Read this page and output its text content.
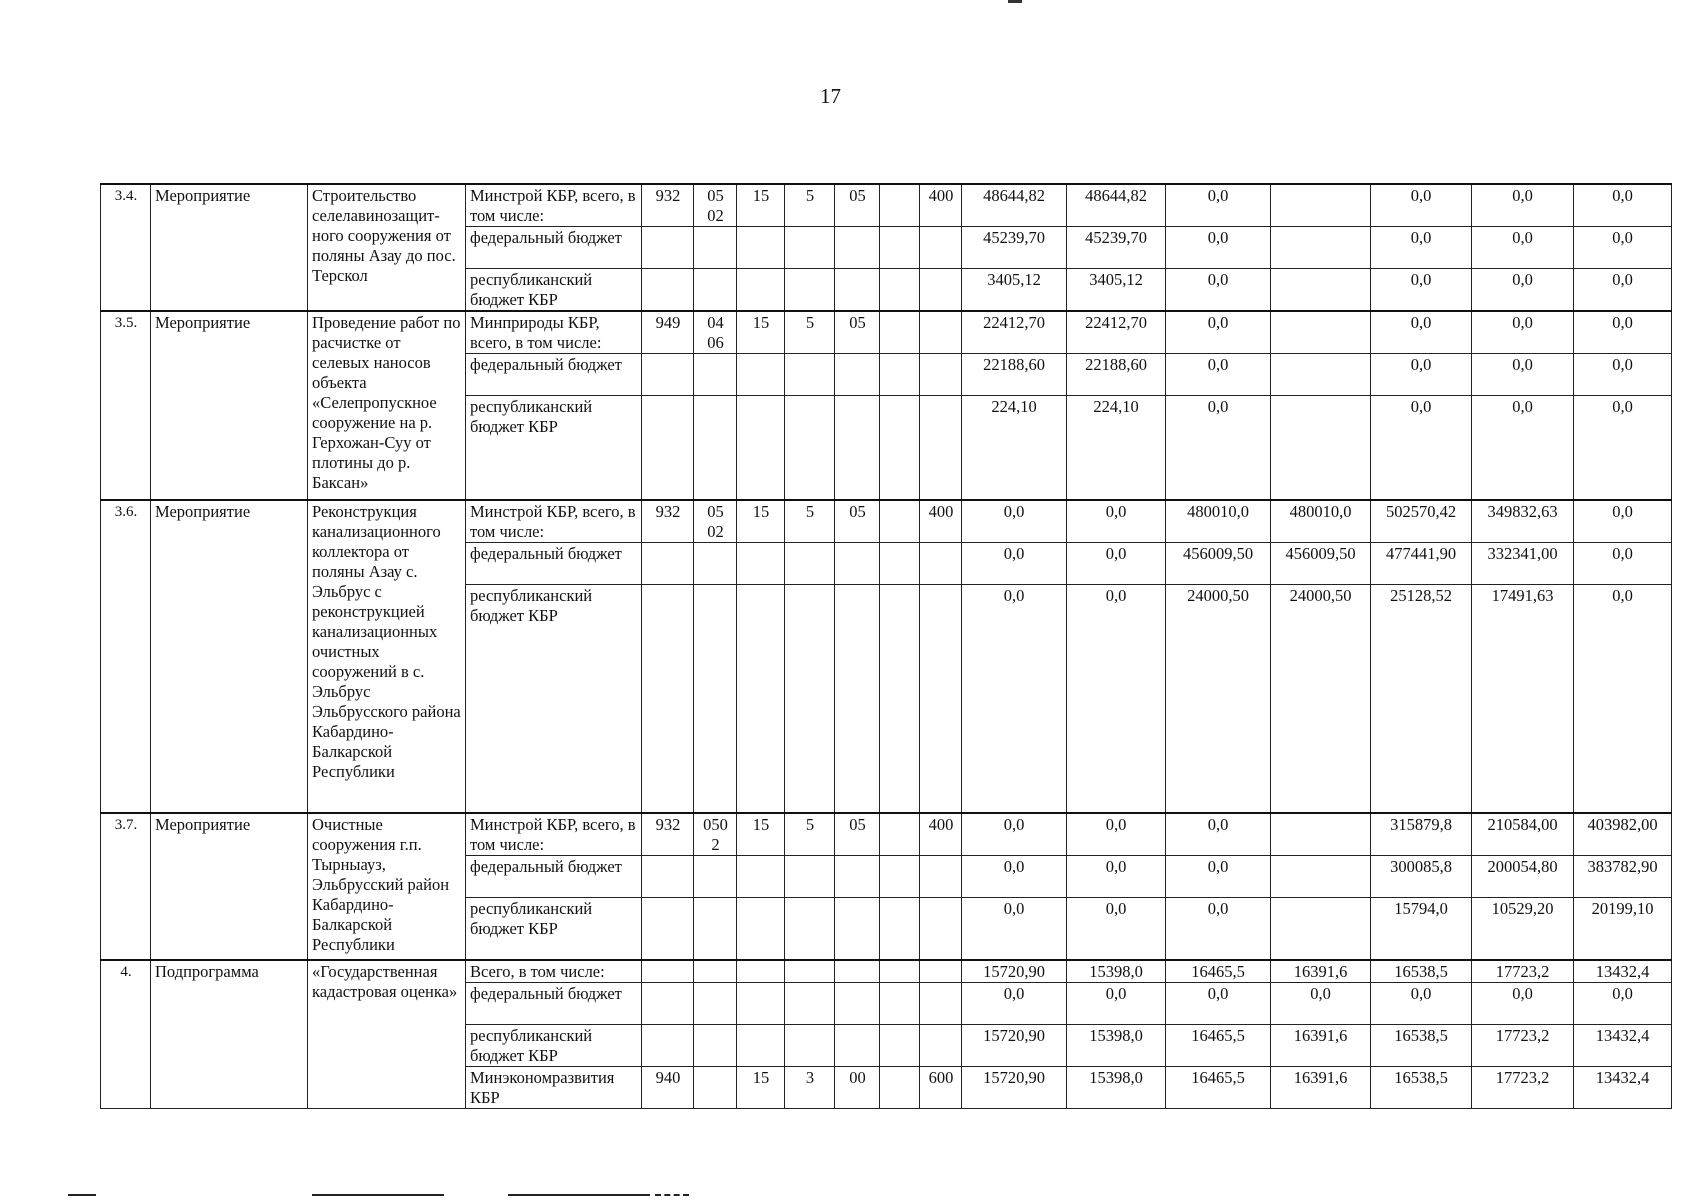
17
3.4.	Мероприятие	Строительство селелавинозащит-ного сооружения от поляны Азау до пос. Терскол	Минстрой КБР, всего, в том числе:	932	05 02	15	5	05		400	48644,82	48644,82	0,0		0,0	0,0	0,0
			федеральный бюджет								45239,70	45239,70	0,0		0,0	0,0	0,0
			республиканский бюджет КБР								3405,12	3405,12	0,0		0,0	0,0	0,0
3.5.	Мероприятие	Проведение работ по расчистке от селевых наносов объекта «Селепропускное сооружение на р. Герхожан-Суу от плотины до р. Баксан»	Минприроды КБР, всего, в том числе:	949	04 06	15	5	05			22412,70	22412,70	0,0		0,0	0,0	0,0
			федеральный бюджет								22188,60	22188,60	0,0		0,0	0,0	0,0
			республиканский бюджет КБР								224,10	224,10	0,0		0,0	0,0	0,0
3.6.	Мероприятие	Реконструкция канализационного коллектора от поляны Азау с. Эльбрус с реконструкцией канализационных очистных сооружений в с. Эльбрус Эльбрусского района Кабардино-Балкарской Республики	Минстрой КБР, всего, в том числе:	932	05 02	15	5	05		400	0,0	0,0	480010,0	480010,0	502570,42	349832,63	0,0
			федеральный бюджет								0,0	0,0	456009,50	456009,50	477441,90	332341,00	0,0
			республиканский бюджет КБР								0,0	0,0	24000,50	24000,50	25128,52	17491,63	0,0
3.7.	Мероприятие	Очистные сооружения г.п. Тырныауз, Эльбрусский район Кабардино-Балкарской Республики	Минстрой КБР, всего, в том числе:	932	050 2	15	5	05		400	0,0	0,0	0,0		315879,8	210584,00	403982,00
			федеральный бюджет								0,0	0,0	0,0		300085,8	200054,80	383782,90
			республиканский бюджет КБР								0,0	0,0	0,0		15794,0	10529,20	20199,10
4.	Подпрограмма	«Государственная кадастровая оценка»	Всего, в том числе:								15720,90	15398,0	16465,5	16391,6	16538,5	17723,2	13432,4
			федеральный бюджет								0,0	0,0	0,0	0,0	0,0	0,0	0,0
			республиканский бюджет КБР								15720,90	15398,0	16465,5	16391,6	16538,5	17723,2	13432,4
			Минэкономразвития КБР	940		15	3	00		600	15720,90	15398,0	16465,5	16391,6	16538,5	17723,2	13432,4
